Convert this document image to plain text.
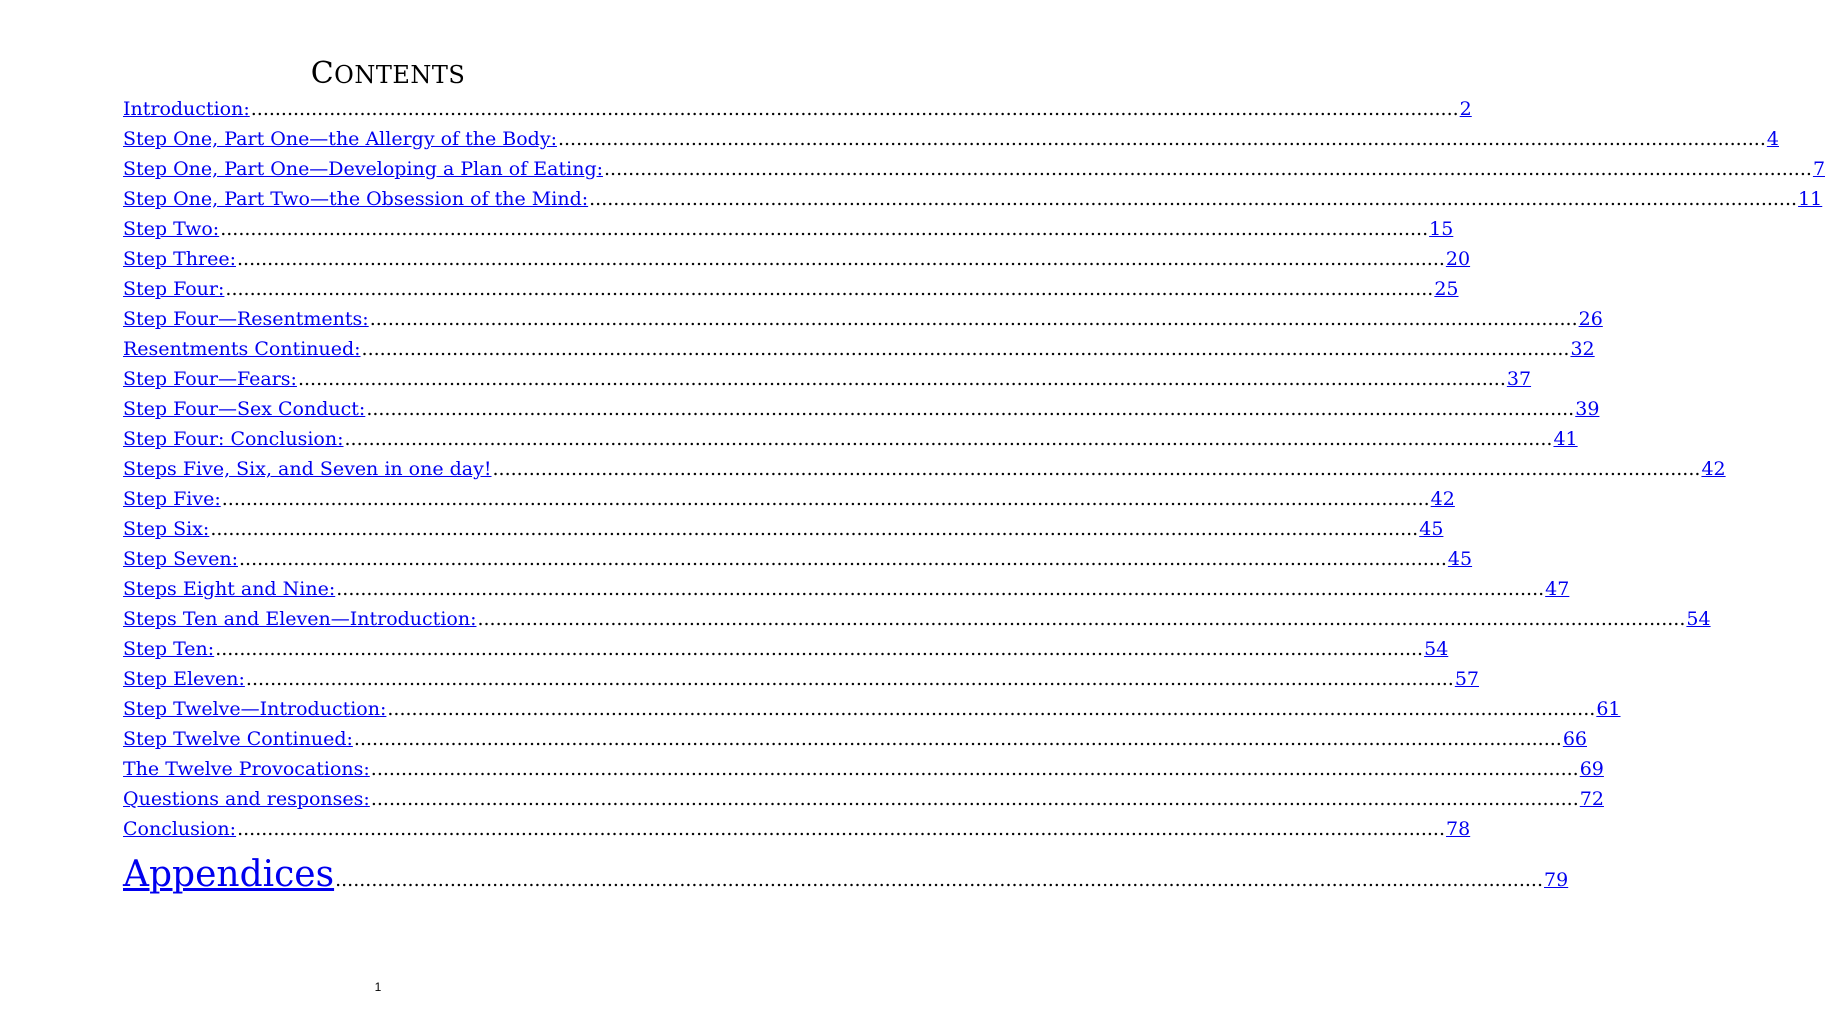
CONTENTS
Introduction: ........................................................................................................................................................................................................ 2
Step One, Part One—the Allergy of the Body: ........................................................................................................................................................................................................ 4
Step One, Part One—Developing a Plan of Eating: ........................................................................................................................................................................................................ 7
Step One, Part Two—the Obsession of the Mind: ........................................................................................................................................................................................................ 11
Step Two: ........................................................................................................................................................................................................ 15
Step Three: ........................................................................................................................................................................................................ 20
Step Four: ........................................................................................................................................................................................................ 25
Step Four—Resentments: ........................................................................................................................................................................................................ 26
Resentments Continued: ........................................................................................................................................................................................................ 32
Step Four—Fears: ........................................................................................................................................................................................................ 37
Step Four—Sex Conduct: ........................................................................................................................................................................................................ 39
Step Four: Conclusion: ........................................................................................................................................................................................................ 41
Steps Five, Six, and Seven in one day! ........................................................................................................................................................................................................ 42
Step Five: ........................................................................................................................................................................................................ 42
Step Six: ........................................................................................................................................................................................................ 45
Step Seven: ........................................................................................................................................................................................................ 45
Steps Eight and Nine: ........................................................................................................................................................................................................ 47
Steps Ten and Eleven—Introduction: ........................................................................................................................................................................................................ 54
Step Ten: ........................................................................................................................................................................................................ 54
Step Eleven: ........................................................................................................................................................................................................ 57
Step Twelve—Introduction: ........................................................................................................................................................................................................ 61
Step Twelve Continued: ........................................................................................................................................................................................................ 66
The Twelve Provocations: ........................................................................................................................................................................................................ 69
Questions and responses: ........................................................................................................................................................................................................ 72
Conclusion: ........................................................................................................................................................................................................ 78
Appendices ........................................................................................................................................................................................................ 79
1
